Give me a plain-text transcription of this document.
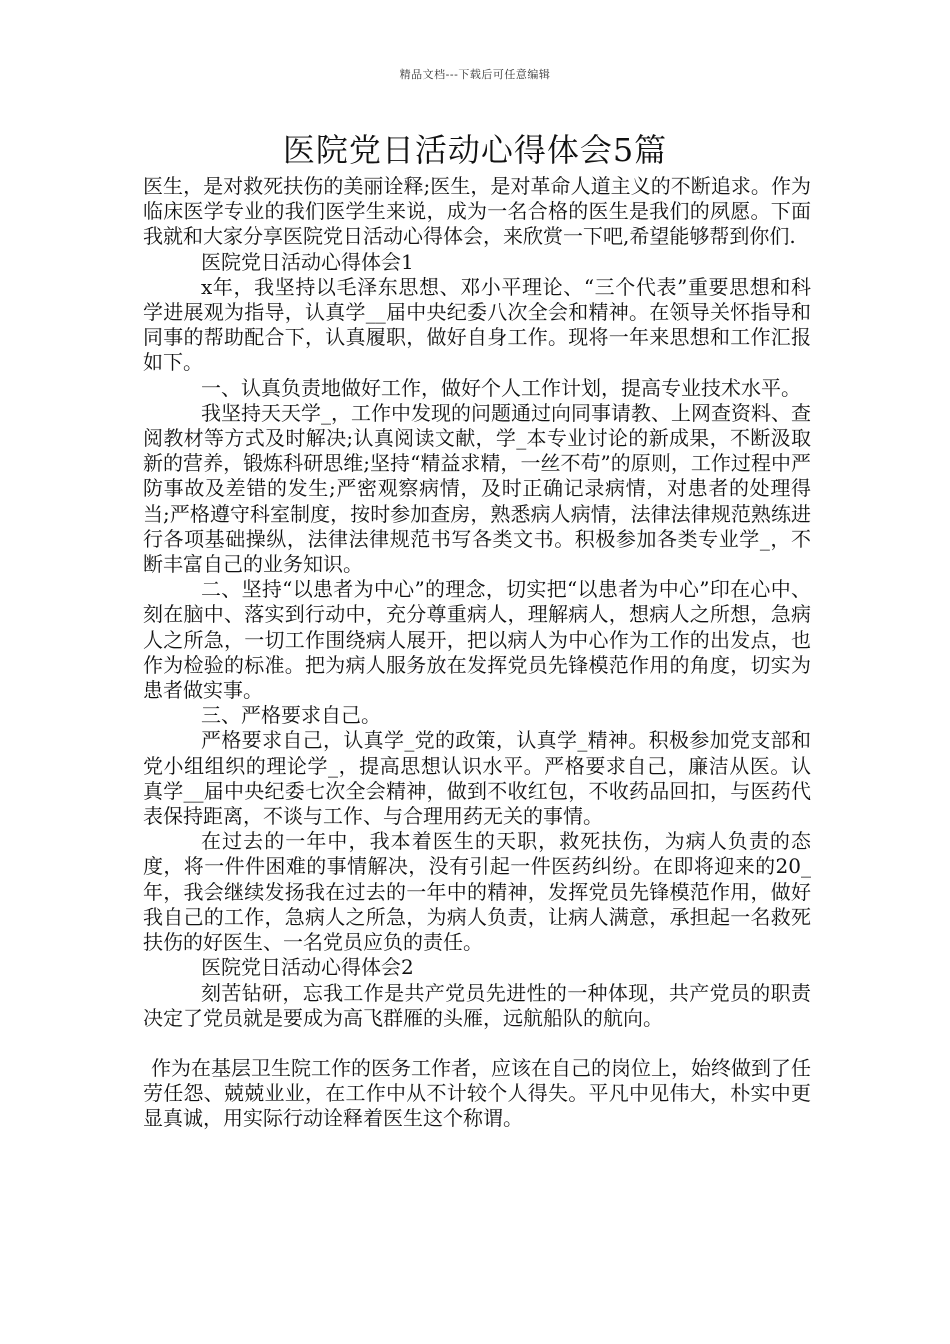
精品文档---下载后可任意编辑
医院党日活动心得体会5篇

医生，是对救死扶伤的美丽诠释;医生，是对革命人道主义的不断追求。作为临床医学专业的我们医学生来说，成为一名合格的医生是我们的夙愿。下面我就和大家分享医院党日活动心得体会，来欣赏一下吧,希望能够帮到你们.

医院党日活动心得体会1

x年，我坚持以毛泽东思想、邓小平理论、“三个代表”重要思想和科学进展观为指导，认真学__届中央纪委八次全会和精神。在领导关怀指导和同事的帮助配合下，认真履职，做好自身工作。现将一年来思想和工作汇报如下。

一、认真负责地做好工作，做好个人工作计划，提高专业技术水平。

我坚持天天学_，工作中发现的问题通过向同事请教、上网查资料、查阅教材等方式及时解决;认真阅读文献，学_本专业讨论的新成果，不断汲取新的营养，锻炼科研思维;坚持“精益求精，一丝不苟”的原则，工作过程中严防事故及差错的发生;严密观察病情，及时正确记录病情，对患者的处理得当;严格遵守科室制度，按时参加查房，熟悉病人病情，法律法律规范熟练进行各项基础操纵，法律法律规范书写各类文书。积极参加各类专业学_，不断丰富自己的业务知识。

二、坚持“以患者为中心”的理念，切实把“以患者为中心”印在心中、刻在脑中、落实到行动中，充分尊重病人，理解病人，想病人之所想，急病人之所急，一切工作围绕病人展开，把以病人为中心作为工作的出发点，也作为检验的标准。把为病人服务放在发挥党员先锋模范作用的角度，切实为患者做实事。

三、严格要求自己。

严格要求自己，认真学_党的政策，认真学_精神。积极参加党支部和党小组组织的理论学_，提高思想认识水平。严格要求自己，廉洁从医。认真学__届中央纪委七次全会精神，做到不收红包，不收药品回扣，与医药代表保持距离，不谈与工作、与合理用药无关的事情。

在过去的一年中，我本着医生的天职，救死扶伤，为病人负责的态度，将一件件困难的事情解决，没有引起一件医药纠纷。在即将迎来的20_年，我会继续发扬我在过去的一年中的精神，发挥党员先锋模范作用，做好我自己的工作，急病人之所急，为病人负责，让病人满意，承担起一名救死扶伤的好医生、一名党员应负的责任。

医院党日活动心得体会2

刻苦钻研，忘我工作是共产党员先进性的一种体现，共产党员的职责决定了党员就是要成为高飞群雁的头雁，远航船队的航向。

作为在基层卫生院工作的医务工作者，应该在自己的岗位上，始终做到了任劳任怨、兢兢业业，在工作中从不计较个人得失。平凡中见伟大，朴实中更显真诚，用实际行动诠释着医生这个称谓。
